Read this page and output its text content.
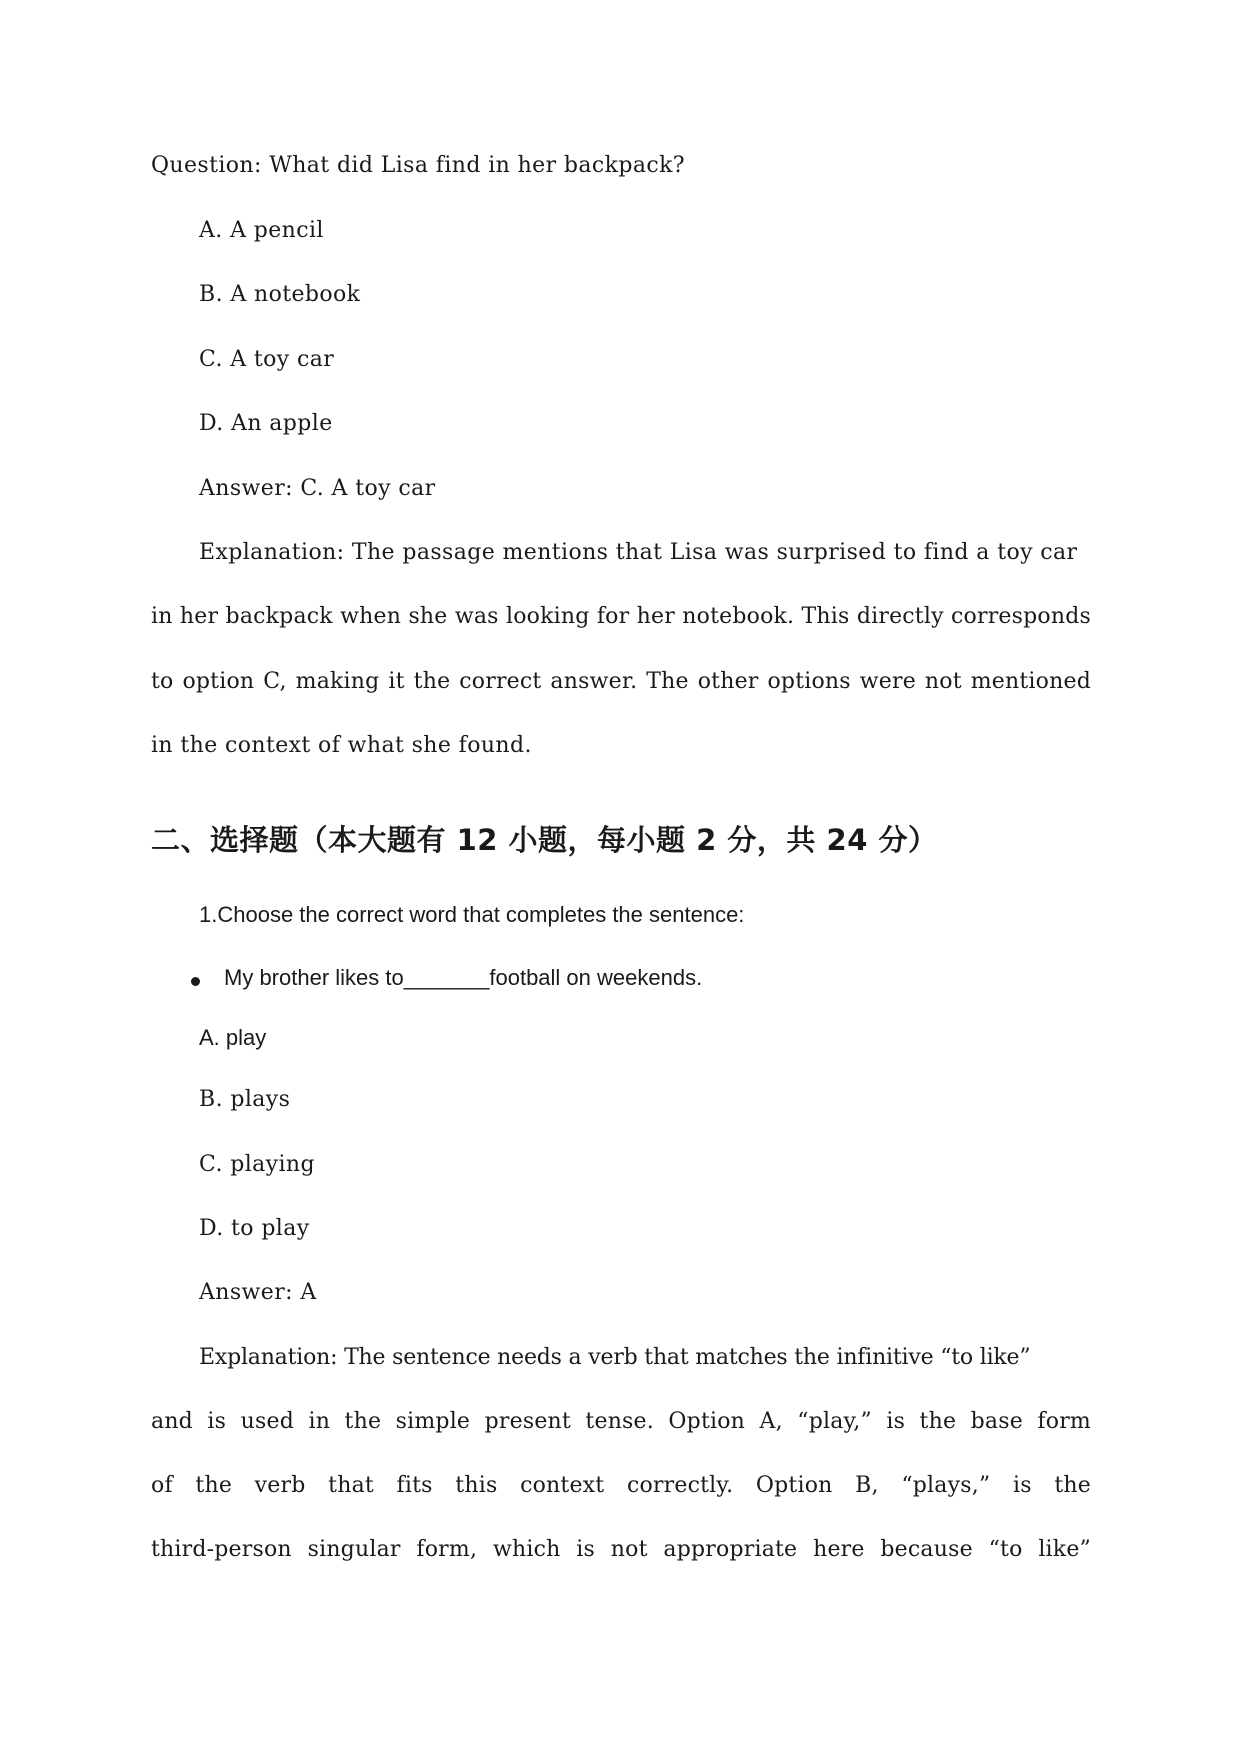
Question: What did Lisa find in her backpack?
A. A pencil
B. A notebook
C. A toy car
D. An apple
Answer: C. A toy car
Explanation: The passage mentions that Lisa was surprised to find a toy car
in her backpack when she was looking for her notebook. This directly corresponds
to option C, making it the correct answer. The other options were not mentioned
in the context of what she found.
二、选择题（本大题有 12 小题，每小题 2 分，共 24 分）
1.Choose the correct word that completes the sentence:
My brother likes to_______football on weekends.
A. play
B. plays
C. playing
D. to play
Answer: A
Explanation: The sentence needs a verb that matches the infinitive “to like”
and is used in the simple present tense. Option A, “play,” is the base form
of the verb that fits this context correctly. Option B, “plays,” is the
third-person singular form, which is not appropriate here because “to like”
